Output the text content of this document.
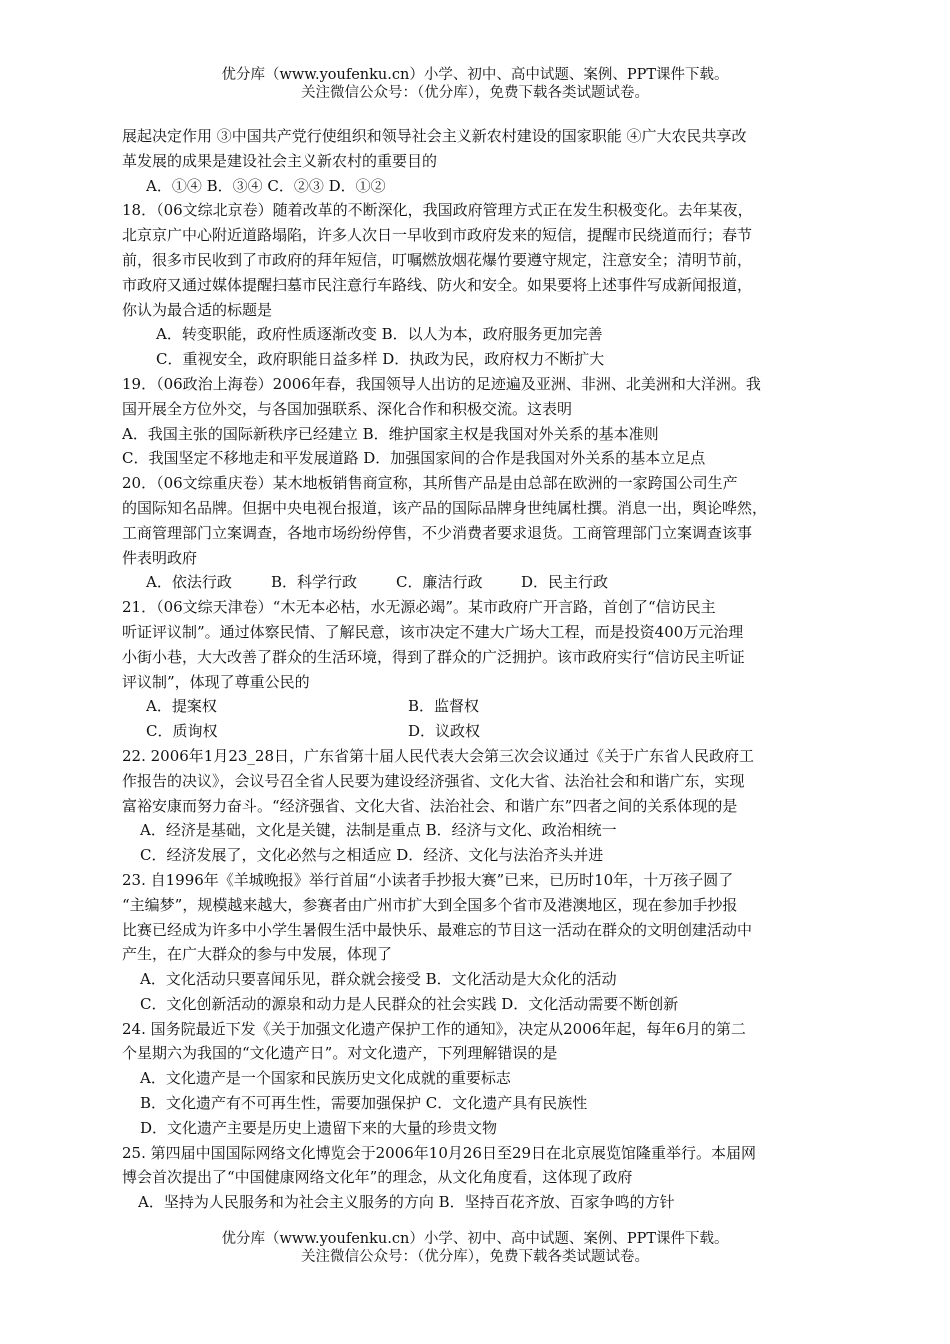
优分库（www.youfenku.cn）小学、初中、高中试题、案例、PPT课件下载。
关注微信公众号：（优分库），免费下载各类试题试卷。
展起决定作用 ③中国共产党行使组织和领导社会主义新农村建设的国家职能 ④广大农民共享改
革发展的成果是建设社会主义新农村的重要目的
A．①④ B．③④ C．②③ D．①②
18．（06文综北京卷）随着改革的不断深化，我国政府管理方式正在发生积极变化。去年某夜，
北京京广中心附近道路塌陷，许多人次日一早收到市政府发来的短信，提醒市民绕道而行；春节
前，很多市民收到了市政府的拜年短信，叮嘱燃放烟花爆竹要遵守规定，注意安全；清明节前，
市政府又通过媒体提醒扫墓市民注意行车路线、防火和安全。如果要将上述事件写成新闻报道，
你认为最合适的标题是
A．转变职能，政府性质逐渐改变 B．以人为本，政府服务更加完善
C．重视安全，政府职能日益多样 D．执政为民，政府权力不断扩大
19．（06政治上海卷）2006年春，我国领导人出访的足迹遍及亚洲、非洲、北美洲和大洋洲。我
国开展全方位外交，与各国加强联系、深化合作和积极交流。这表明
A．我国主张的国际新秩序已经建立 B．维护国家主权是我国对外关系的基本准则
C．我国坚定不移地走和平发展道路 D．加强国家间的合作是我国对外关系的基本立足点
20．（06文综重庆卷）某木地板销售商宣称，其所售产品是由总部在欧洲的一家跨国公司生产
的国际知名品牌。但据中央电视台报道，该产品的国际品牌身世纯属杜撰。消息一出，舆论哗然，
工商管理部门立案调查，各地市场纷纷停售，不少消费者要求退货。工商管理部门立案调查该事
件表明政府
A．依法行政	B．科学行政	C．廉洁行政	D．民主行政
21．（06文综天津卷）“木无本必枯，水无源必竭”。某市政府广开言路，首创了“信访民主
听证评议制”。通过体察民情、了解民意，该市决定不建大广场大工程，而是投资400万元治理
小街小巷，大大改善了群众的生活环境，得到了群众的广泛拥护。该市政府实行“信访民主听证
评议制”，体现了尊重公民的
A．提案权	B．监督权
C．质询权	D．议政权
22. 2006年1月23_28日，广东省第十届人民代表大会第三次会议通过《关于广东省人民政府工
作报告的决议》，会议号召全省人民要为建设经济强省、文化大省、法治社会和和谐广东，实现
富裕安康而努力奋斗。“经济强省、文化大省、法治社会、和谐广东”四者之间的关系体现的是
A．经济是基础，文化是关键，法制是重点 B．经济与文化、政治相统一
C．经济发展了，文化必然与之相适应 D．经济、文化与法治齐头并进
23. 自1996年《羊城晚报》举行首届“小读者手抄报大赛”已来，已历时10年，十万孩子圆了
“主编梦”，规模越来越大，参赛者由广州市扩大到全国多个省市及港澳地区，现在参加手抄报
比赛已经成为许多中小学生暑假生活中最快乐、最难忘的节目这一活动在群众的文明创建活动中
产生，在广大群众的参与中发展，体现了
A．文化活动只要喜闻乐见，群众就会接受 B．文化活动是大众化的活动
C．文化创新活动的源泉和动力是人民群众的社会实践 D．文化活动需要不断创新
24. 国务院最近下发《关于加强文化遗产保护工作的通知》，决定从2006年起，每年6月的第二
个星期六为我国的“文化遗产日”。对文化遗产，下列理解错误的是
A．文化遗产是一个国家和民族历史文化成就的重要标志
B．文化遗产有不可再生性，需要加强保护 C．文化遗产具有民族性
D．文化遗产主要是历史上遗留下来的大量的珍贵文物
25. 第四届中国国际网络文化博览会于2006年10月26日至29日在北京展览馆隆重举行。本届网
博会首次提出了“中国健康网络文化年”的理念，从文化角度看，这体现了政府
A．坚持为人民服务和为社会主义服务的方向 B．坚持百花齐放、百家争鸣的方针
优分库（www.youfenku.cn）小学、初中、高中试题、案例、PPT课件下载。
关注微信公众号：（优分库），免费下载各类试题试卷。
